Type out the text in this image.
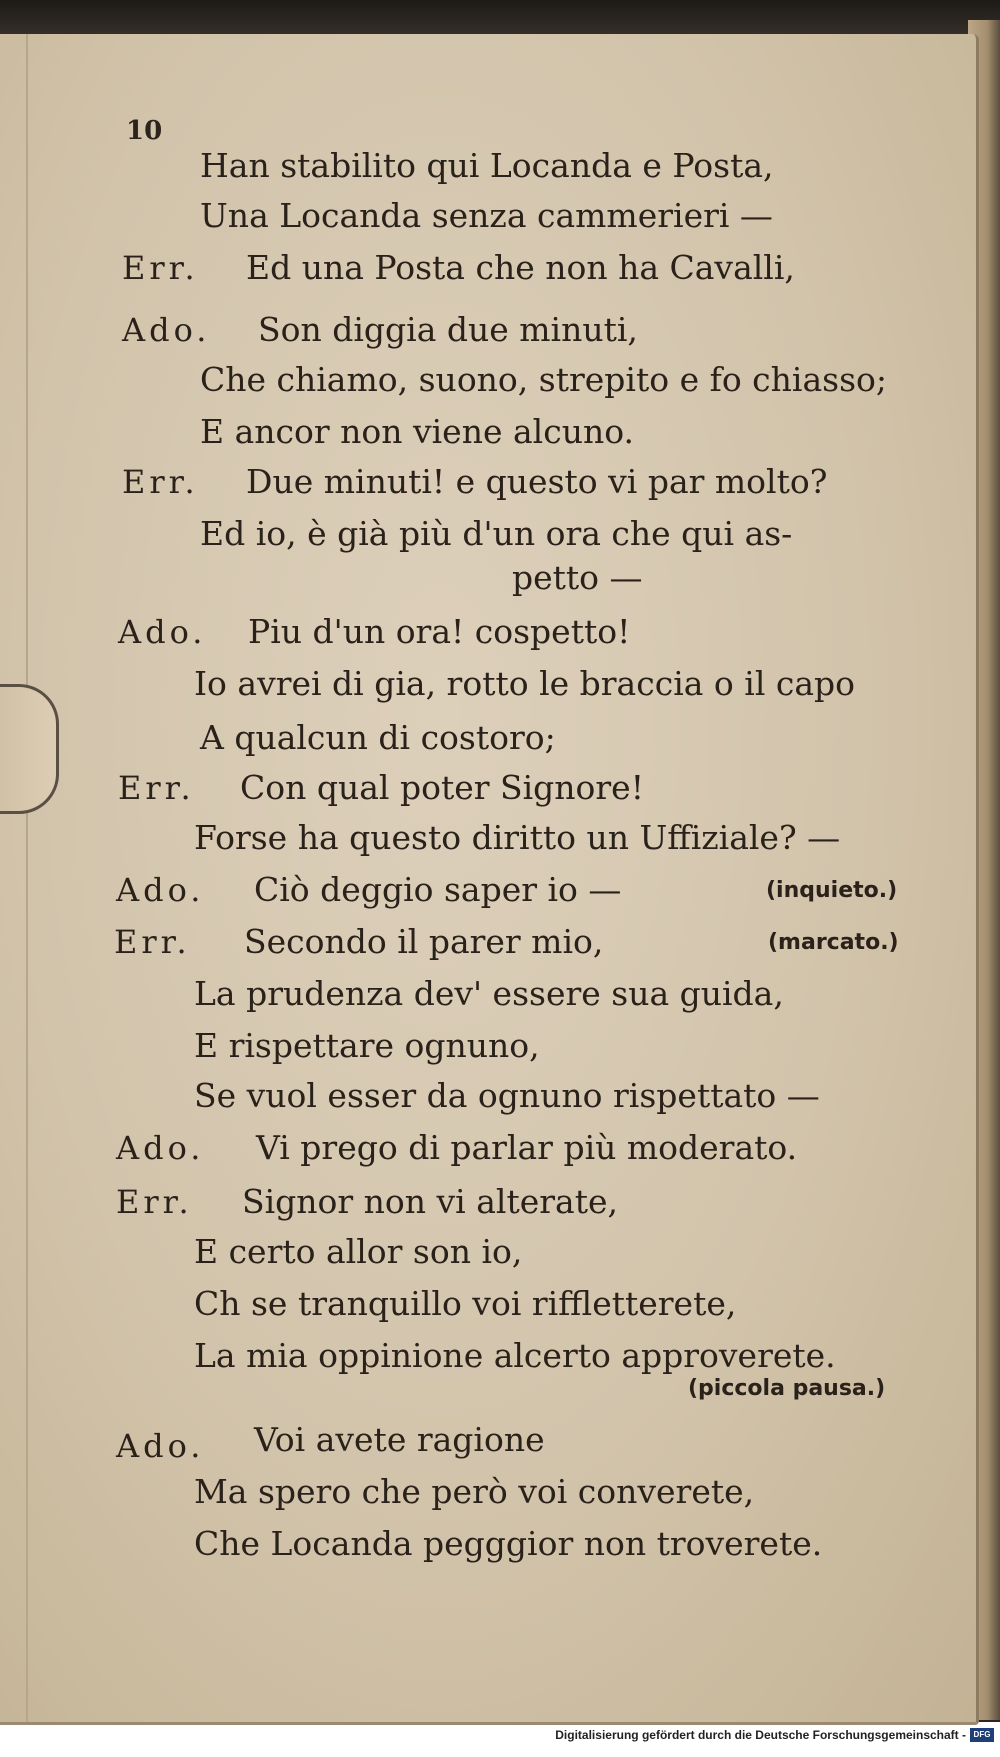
10
Han stabilito qui Locanda e Posta,
Una Locanda senza cammerieri —
Err. Ed una Posta che non ha Cavalli,
Ado. Son diggia due minuti,
Che chiamo, suono, strepito e fo chiasso;
E ancor non viene alcuno.
Err. Due minuti! e questo vi par molto?
Ed io, è già più d'un ora che qui as-
petto —
Ado. Piu d'un ora! cospetto!
Io avrei di gia, rotto le braccia o il capo
A qualcun di costoro;
Err. Con qual poter Signore!
Forse ha questo diritto un Uffiziale? —
Ado. Ciò deggio saper io —	(inquieto.)
Err. Secondo il parer mio,	(marcato.)
La prudenza dev' essere sua guida,
E rispettare ognuno,
Se vuol esser da ognuno rispettato —
Ado. Vi prego di parlar più moderato.
Err. Signor non vi alterate,
E certo allor son io,
Ch se tranquillo voi riffletterete,
La mia oppinione alcerto approverete.
(piccola pausa.)
Ado. Voi avete ragione
Ma spero che però voi converete,
Che Locanda pegggior non troverete.
Digitalisierung gefördert durch die Deutsche Forschungsgemeinschaft - DFG
